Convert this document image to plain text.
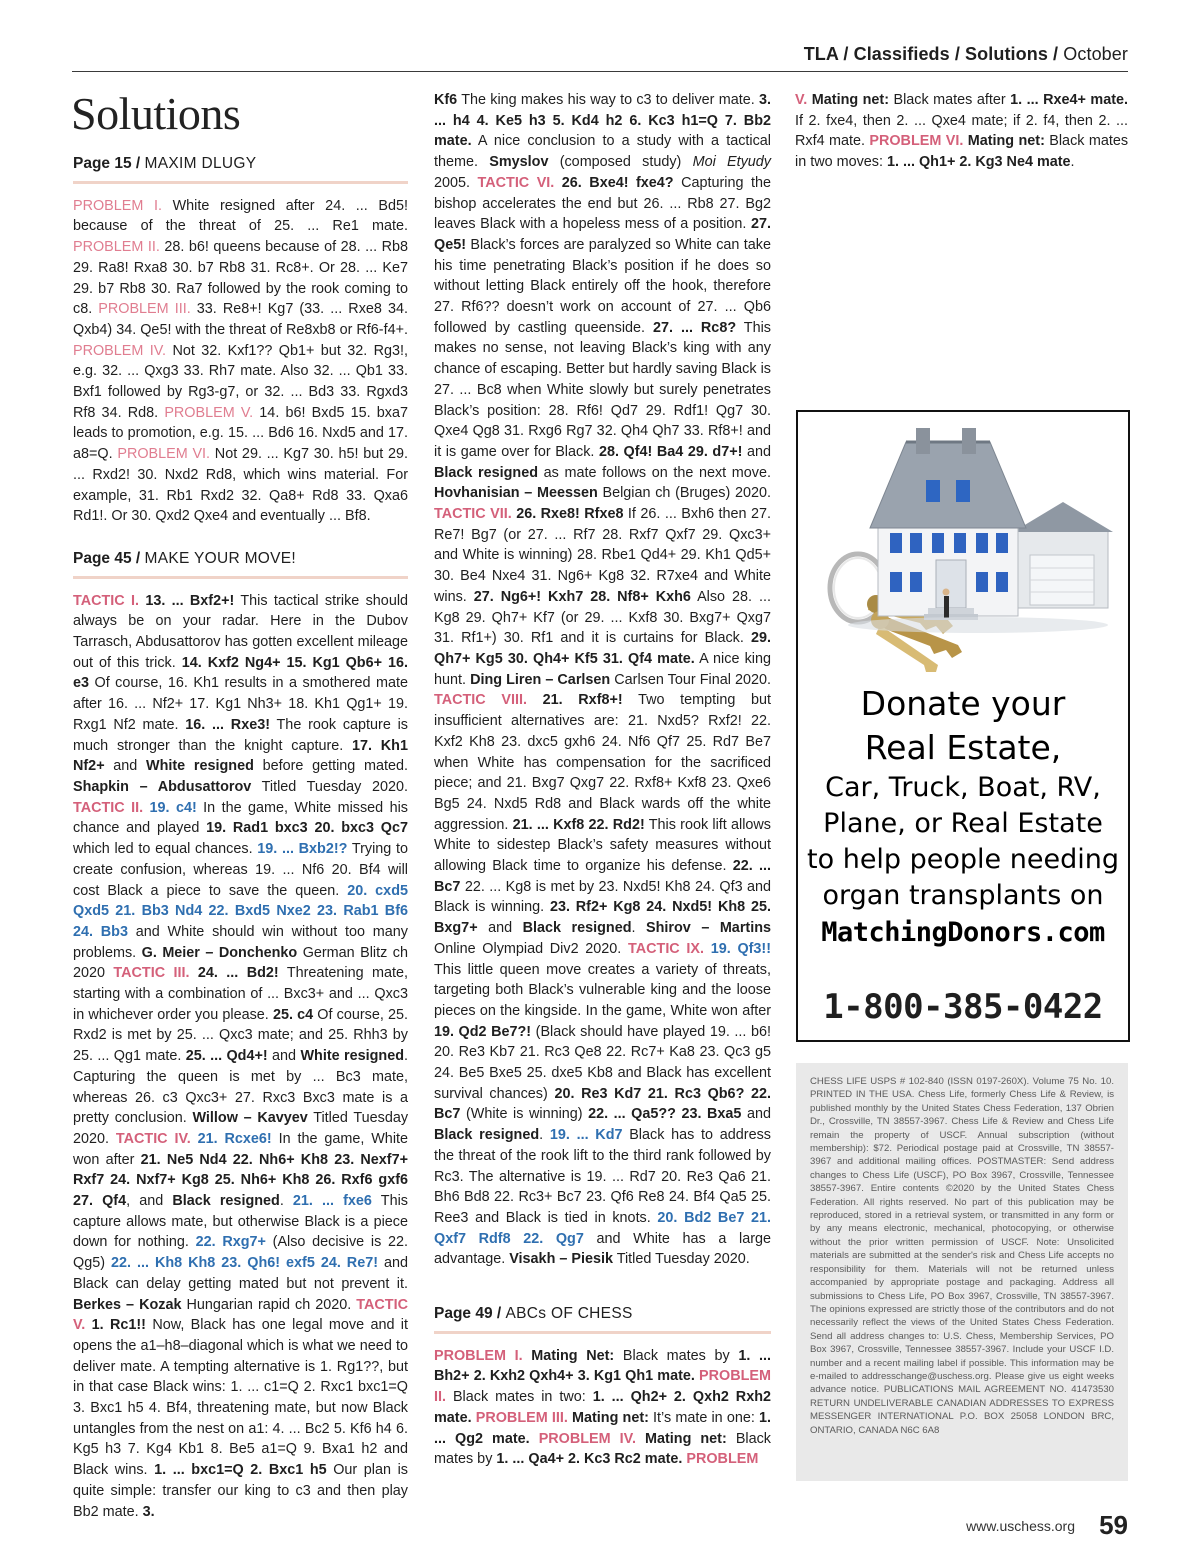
TLA / Classifieds / Solutions / October
Solutions
Page 15 / MAXIM DLUGY

PROBLEM I. White resigned after 24. ... Bd5! because of the threat of 25. ... Re1 mate. PROBLEM II. 28. b6! queens because of 28. ... Rb8 29. Ra8! Rxa8 30. b7 Rb8 31. Rc8+. Or 28. ... Ke7 29. b7 Rb8 30. Ra7 followed by the rook coming to c8. PROBLEM III. 33. Re8+! Kg7 (33. ... Rxe8 34. Qxb4) 34. Qe5! with the threat of Re8xb8 or Rf6-f4+. PROBLEM IV. Not 32. Kxf1?? Qb1+ but 32. Rg3!, e.g. 32. ... Qxg3 33. Rh7 mate. Also 32. ... Qb1 33. Bxf1 followed by Rg3-g7, or 32. ... Bd3 33. Rgxd3 Rf8 34. Rd8. PROBLEM V. 14. b6! Bxd5 15. bxa7 leads to promotion, e.g. 15. ... Bd6 16. Nxd5 and 17. a8=Q. PROBLEM VI. Not 29. ... Kg7 30. h5! but 29. ... Rxd2! 30. Nxd2 Rd8, which wins material. For example, 31. Rb1 Rxd2 32. Qa8+ Rd8 33. Qxa6 Rd1!. Or 30. Qxd2 Qxe4 and eventually ... Bf8.

Page 45 / MAKE YOUR MOVE!

TACTIC I. 13. ... Bxf2+! This tactical strike should always be on your radar. Here in the Dubov Tarrasch, Abdusattorov has gotten excellent mileage out of this trick. 14. Kxf2 Ng4+ 15. Kg1 Qb6+ 16. e3 Of course, 16. Kh1 results in a smothered mate after 16. ... Nf2+ 17. Kg1 Nh3+ 18. Kh1 Qg1+ 19. Rxg1 Nf2 mate. 16. ... Rxe3! The rook capture is much stronger than the knight capture. 17. Kh1 Nf2+ and White resigned before getting mated. Shapkin – Abdusattorov Titled Tuesday 2020. TACTIC II. 19. c4! In the game, White missed his chance and played 19. Rad1 bxc3 20. bxc3 Qc7 which led to equal chances. 19. ... Bxb2!? Trying to create confusion, whereas 19. ... Nf6 20. Bf4 will cost Black a piece to save the queen. 20. cxd5 Qxd5 21. Bb3 Nd4 22. Bxd5 Nxe2 23. Rab1 Bf6 24. Bb3 and White should win without too many problems. G. Meier – Donchenko German Blitz ch 2020 TACTIC III. 24. ... Bd2! Threatening mate, starting with a combination of ... Bxc3+ and ... Qxc3 in whichever order you please. 25. c4 Of course, 25. Rxd2 is met by 25. ... Qxc3 mate; and 25. Rhh3 by 25. ... Qg1 mate. 25. ... Qd4+! and White resigned. Capturing the queen is met by ... Bc3 mate, whereas 26. c3 Qxc3+ 27. Rxc3 Bxc3 mate is a pretty conclusion. Willow – Kavyev Titled Tuesday 2020. TACTIC IV. 21. Rcxe6! In the game, White won after 21. Ne5 Nd4 22. Nh6+ Kh8 23. Nexf7+ Rxf7 24. Nxf7+ Kg8 25. Nh6+ Kh8 26. Rxf6 gxf6 27. Qf4, and Black resigned. 21. ... fxe6 This capture allows mate, but otherwise Black is a piece down for nothing. 22. Rxg7+ (Also decisive is 22. Qg5) 22. ... Kh8 Kh8 23. Qh6! exf5 24. Re7! and Black can delay getting mated but not prevent it. Berkes – Kozak Hungarian rapid ch 2020. TACTIC V. 1. Rc1!! Now, Black has one legal move and it opens the a1–h8–diagonal which is what we need to deliver mate. A tempting alternative is 1. Rg1??, but in that case Black wins: 1. ... c1=Q 2. Rxc1 bxc1=Q 3. Bxc1 h5 4. Bf4, threatening mate, but now Black untangles from the nest on a1: 4. ... Bc2 5. Kf6 h4 6. Kg5 h3 7. Kg4 Kb1 8. Be5 a1=Q 9. Bxa1 h2 and Black wins. 1. ... bxc1=Q 2. Bxc1 h5 Our plan is quite simple: transfer our king to c3 and then play Bb2 mate. 3.

Kf6 The king makes his way to c3 to deliver mate. 3. ... h4 4. Ke5 h3 5. Kd4 h2 6. Kc3 h1=Q 7. Bb2 mate. A nice conclusion to a study with a tactical theme. Smyslov (composed study) Moi Etyudy 2005. TACTIC VI. 26. Bxe4! fxe4? Capturing the bishop accelerates the end but 26. ... Rb8 27. Bg2 leaves Black with a hopeless mess of a position. 27. Qe5! Black’s forces are paralyzed so White can take his time penetrating Black’s position if he does so without letting Black entirely off the hook, therefore 27. Rf6?? doesn’t work on account of 27. ... Qb6 followed by castling queenside. 27. ... Rc8? This makes no sense, not leaving Black’s king with any chance of escaping. Better but hardly saving Black is 27. ... Bc8 when White slowly but surely penetrates Black’s position: 28. Rf6! Qd7 29. Rdf1! Qg7 30. Qxe4 Qg8 31. Rxg6 Rg7 32. Qh4 Qh7 33. Rf8+! and it is game over for Black. 28. Qf4! Ba4 29. d7+! and Black resigned as mate follows on the next move. Hovhanisian – Meessen Belgian ch (Bruges) 2020. TACTIC VII. 26. Rxe8! Rfxe8 If 26. ... Bxh6 then 27. Re7! Bg7 (or 27. ... Rf7 28. Rxf7 Qxf7 29. Qxc3+ and White is winning) 28. Rbe1 Qd4+ 29. Kh1 Qd5+ 30. Be4 Nxe4 31. Ng6+ Kg8 32. R7xe4 and White wins. 27. Ng6+! Kxh7 28. Nf8+ Kxh6 Also 28. ... Kg8 29. Qh7+ Kf7 (or 29. ... Kxf8 30. Bxg7+ Qxg7 31. Rf1+) 30. Rf1 and it is curtains for Black. 29. Qh7+ Kg5 30. Qh4+ Kf5 31. Qf4 mate. A nice king hunt. Ding Liren – Carlsen Carlsen Tour Final 2020. TACTIC VIII. 21. Rxf8+! Two tempting but insufficient alternatives are: 21. Nxd5? Rxf2! 22. Kxf2 Kh8 23. dxc5 gxh6 24. Nf6 Qf7 25. Rd7 Be7 when White has compensation for the sacrificed piece; and 21. Bxg7 Qxg7 22. Rxf8+ Kxf8 23. Qxe6 Bg5 24. Nxd5 Rd8 and Black wards off the white aggression. 21. ... Kxf8 22. Rd2! This rook lift allows White to sidestep Black’s safety measures without allowing Black time to organize his defense. 22. ... Bc7 22. ... Kg8 is met by 23. Nxd5! Kh8 24. Qf3 and Black is winning. 23. Rf2+ Kg8 24. Nxd5! Kh8 25. Bxg7+ and Black resigned. Shirov – Martins Online Olympiad Div2 2020. TACTIC IX. 19. Qf3!! This little queen move creates a variety of threats, targeting both Black’s vulnerable king and the loose pieces on the kingside. In the game, White won after 19. Qd2 Be7?! (Black should have played 19. ... b6! 20. Re3 Kb7 21. Rc3 Qe8 22. Rc7+ Ka8 23. Qc3 g5 24. Be5 Bxe5 25. dxe5 Kb8 and Black has excellent survival chances) 20. Re3 Kd7 21. Rc3 Qb6? 22. Bc7 (White is winning) 22. ... Qa5?? 23. Bxa5 and Black resigned. 19. ... Kd7 Black has to address the threat of the rook lift to the third rank followed by Rc3. The alternative is 19. ... Rd7 20. Re3 Qa6 21. Bh6 Bd8 22. Rc3+ Bc7 23. Qf6 Re8 24. Bf4 Qa5 25. Ree3 and Black is tied in knots. 20. Bd2 Be7 21. Qxf7 Rdf8 22. Qg7 and White has a large advantage. Visakh – Piesik Titled Tuesday 2020.

Page 49 / ABCs OF CHESS

PROBLEM I. Mating Net: Black mates by 1. ... Bh2+ 2. Kxh2 Qxh4+ 3. Kg1 Qh1 mate. PROBLEM II. Black mates in two: 1. ... Qh2+ 2. Qxh2 Rxh2 mate. PROBLEM III. Mating net: It’s mate in one: 1. ... Qg2 mate. PROBLEM IV. Mating net: Black mates by 1. ... Qa4+ 2. Kc3 Rc2 mate. PROBLEM

V. Mating net: Black mates after 1. ... Rxe4+ mate. If 2. fxe4, then 2. ... Qxe4 mate; if 2. f4, then 2. ... Rxf4 mate. PROBLEM VI. Mating net: Black mates in two moves: 1. ... Qh1+ 2. Kg3 Ne4 mate.

Donate your
Real Estate,
Car, Truck, Boat, RV,
Plane, or Real Estate
to help people needing
organ transplants on
MatchingDonors.com
1-800-385-0422
CHESS LIFE USPS # 102-840 (ISSN 0197-260X). Volume 75 No. 10. PRINTED IN THE USA. Chess Life, formerly Chess Life & Review, is published monthly by the United States Chess Federation, 137 Obrien Dr., Crossville, TN 38557-3967. Chess Life & Review and Chess Life remain the property of USCF. Annual subscription (without membership): $72. Periodical postage paid at Crossville, TN 38557-3967 and additional mailing offices. POSTMASTER: Send address changes to Chess Life (USCF), PO Box 3967, Crossville, Tennessee 38557-3967. Entire contents ©2020 by the United States Chess Federation. All rights reserved. No part of this publication may be reproduced, stored in a retrieval system, or transmitted in any form or by any means electronic, mechanical, photocopying, or otherwise without the prior written permission of USCF. Note: Unsolicited materials are submitted at the sender's risk and Chess Life accepts no responsibility for them. Materials will not be returned unless accompanied by appropriate postage and packaging. Address all submissions to Chess Life, PO Box 3967, Crossville, TN 38557-3967. The opinions expressed are strictly those of the contributors and do not necessarily reflect the views of the United States Chess Federation. Send all address changes to: U.S. Chess, Membership Services, PO Box 3967, Crossville, Tennessee 38557-3967. Include your USCF I.D. number and a recent mailing label if possible. This information may be e-mailed to addresschange@uschess.org. Please give us eight weeks advance notice. PUBLICATIONS MAIL AGREEMENT NO. 41473530 RETURN UNDELIVERABLE CANADIAN ADDRESSES TO EXPRESS MESSENGER INTERNATIONAL P.O. BOX 25058 LONDON BRC, ONTARIO, CANADA N6C 6A8
www.uschess.org 59
